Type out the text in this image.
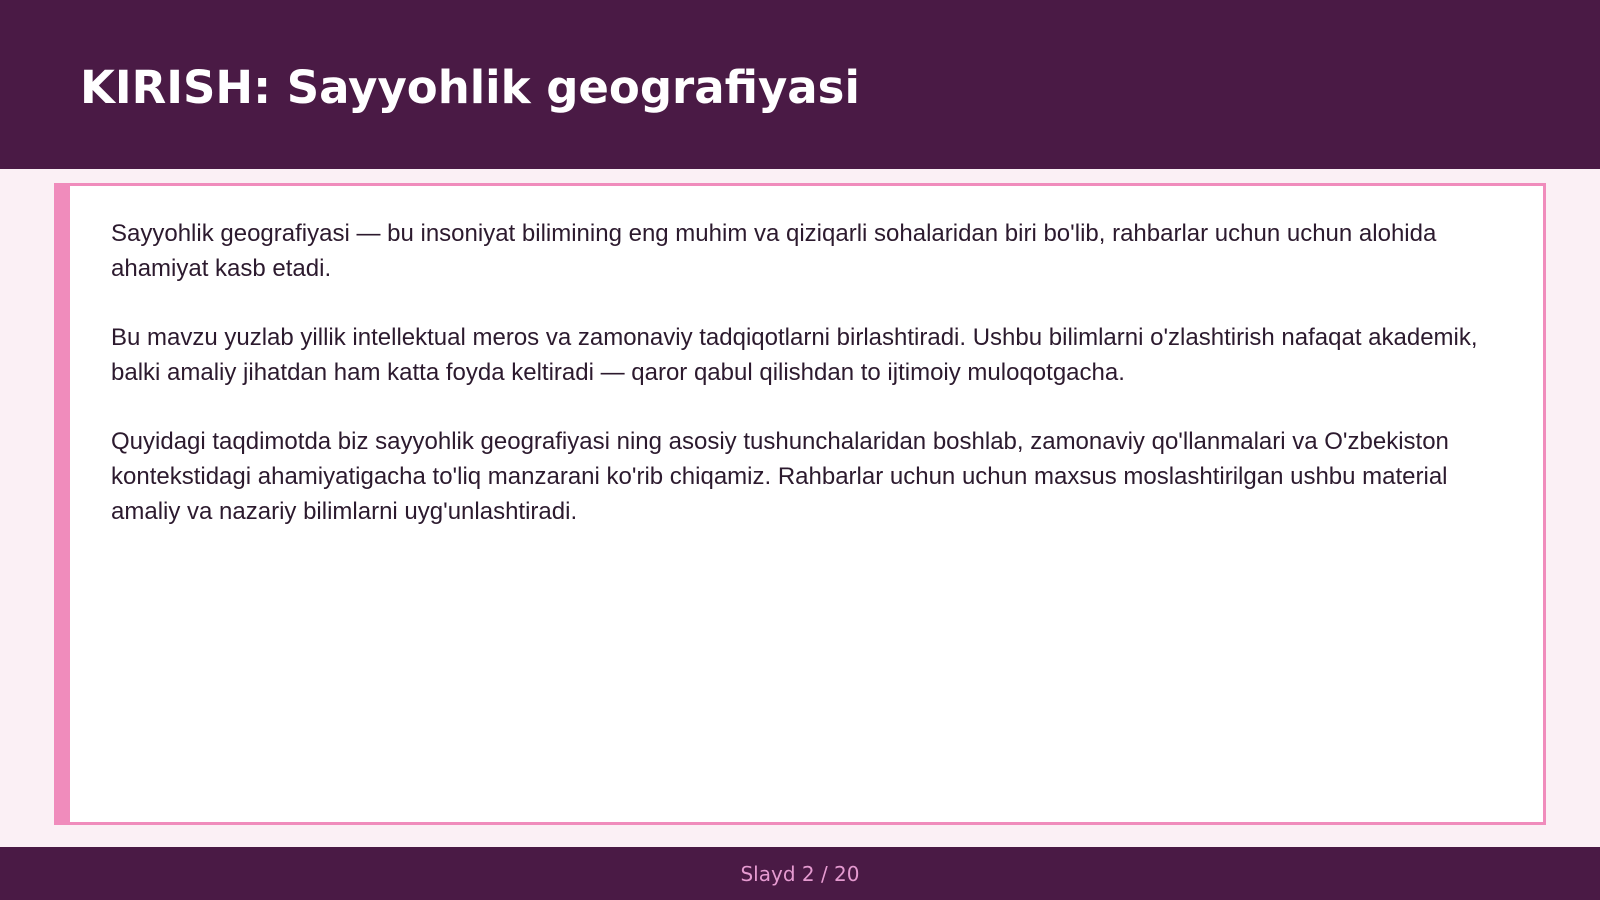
KIRISH: Sayyohlik geografiyasi

Sayyohlik geografiyasi — bu insoniyat bilimining eng muhim va qiziqarli sohalaridan biri bo'lib, rahbarlar uchun uchun alohida ahamiyat kasb etadi.

Bu mavzu yuzlab yillik intellektual meros va zamonaviy tadqiqotlarni birlashtiradi. Ushbu bilimlarni o'zlashtirish nafaqat akademik, balki amaliy jihatdan ham katta foyda keltiradi — qaror qabul qilishdan to ijtimoiy muloqotgacha.

Quyidagi taqdimotda biz sayyohlik geografiyasi ning asosiy tushunchalaridan boshlab, zamonaviy qo'llanmalari va O'zbekiston kontekstidagi ahamiyatigacha to'liq manzarani ko'rib chiqamiz. Rahbarlar uchun uchun maxsus moslashtirilgan ushbu material amaliy va nazariy bilimlarni uyg'unlashtiradi.

Slayd 2 / 20
